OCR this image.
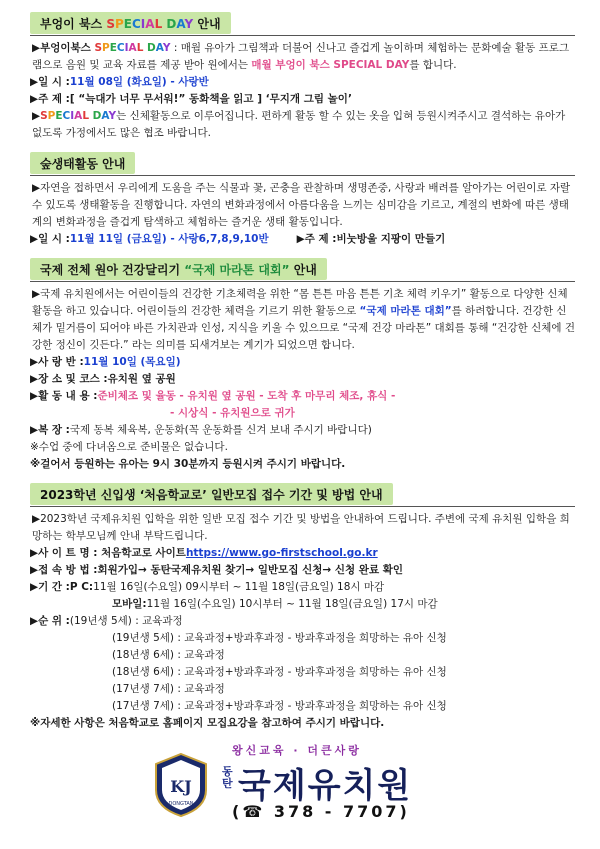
부엉이 북스 SPECIAL DAY 안내
▶부엉이북스 SPECIAL DAY : 매월 유아가 그림책과 더불어 신나고 즐겁게 놀이하며 체험하는 문화예술 활동 프로그램으로 음원 및 교육 자료를 제공 받아 원에서는 매월 부엉이 북스 SPECIAL DAY를 합니다.
▶일 시 : 11월 08일 (화요일) - 사랑반
▶주 제 : [ “늑대가 너무 무서워!” 동화책을 읽고 ] ‘무지개 그림 놀이’
▶SPECIAL DAY는 신체활동으로 이루어집니다. 편하게 활동 할 수 있는 옷을 입혀 등원시켜주시고 결석하는 유아가 없도록 가정에서도 많은 협조 바랍니다.
숲생태활동 안내
▶자연을 접하면서 우리에게 도움을 주는 식물과 꽃, 곤충을 관찰하며 생명존중, 사랑과 배려를 알아가는 어린이로 자랄 수 있도록 생태활동을 진행합니다. 자연의 변화과정에서 아름다움을 느끼는 심미감을 기르고, 계절의 변화에 따른 생태계의 변화과정을 즐겁게 탐색하고 체험하는 즐거운 생태 활동입니다.
▶일 시 : 11월 11일 (금요일) - 사랑6,7,8,9,10반	▶주 제 : 비눗방울 지팡이 만들기
국제 전체 원아 건강달리기 “국제 마라톤 대회” 안내
▶국제 유치원에서는 어린이들의 건강한 기초체력을 위한 “몸 튼튼 마음 튼튼 기초 체력 키우기” 활동으로 다양한 신체활동을 하고 있습니다. 어린이들의 건강한 체력을 기르기 위한 활동으로 “국제 마라톤 대회”를 하려합니다. 건강한 신체가 밑거름이 되어야 바른 가치관과 인성, 지식을 키울 수 있으므로 “국제 건강 마라톤” 대회를 통해 “건강한 신체에 건강한 정신이 깃든다.” 라는 의미를 되새겨보는 계기가 되었으면 합니다.
▶사 랑 반 : 11월 10일 (목요일)
▶장 소 및 코스 : 유치원 옆 공원
▶활 동 내 용 : 준비체조 및 율동 - 유치원 옆 공원 - 도착 후 마무리 체조, 휴식 -
- 시상식 - 유치원으로 귀가
▶복 장 : 국제 동복 체육복, 운동화(꼭 운동화를 신겨 보내 주시기 바랍니다)
※수업 중에 다녀옴으로 준비물은 없습니다.
※걸어서 등원하는 유아는 9시 30분까지 등원시켜 주시기 바랍니다.
2023학년 신입생 ‘처음학교로’ 일반모집 접수 기간 및 방법 안내
▶2023학년 국제유치원 입학을 위한 일반 모집 접수 기간 및 방법을 안내하여 드립니다. 주변에 국제 유치원 입학을 희망하는 학부모님께 안내 부탁드립니다.
▶사 이 트 명 : 처음학교로 사이트 https://www.go-firstschool.go.kr
▶접 속 방 법 : 회원가입→ 동탄국제유치원 찾기→ 일반모집 신청→ 신청 완료 확인
▶기 간 : P C: 11월 16일(수요일) 09시부터 ~ 11월 18일(금요일) 18시 마감
모바일: 11월 16일(수요일) 10시부터 ~ 11월 18일(금요일) 17시 마감
▶순 위 : (19년생 5세) : 교육과정
(19년생 5세) : 교육과정+방과후과정 - 방과후과정을 희망하는 유아 신청
(18년생 6세) : 교육과정
(18년생 6세) : 교육과정+방과후과정 - 방과후과정을 희망하는 유아 신청
(17년생 7세) : 교육과정
(17년생 7세) : 교육과정+방과후과정 - 방과후과정을 희망하는 유아 신청
※자세한 사항은 처음학교로 홈페이지 모집요강을 참고하여 주시기 바랍니다.
KJ
DONGTAN
왕신교육 · 더큰사랑
동탄 국제유치원
(☎ 378 - 7707)
